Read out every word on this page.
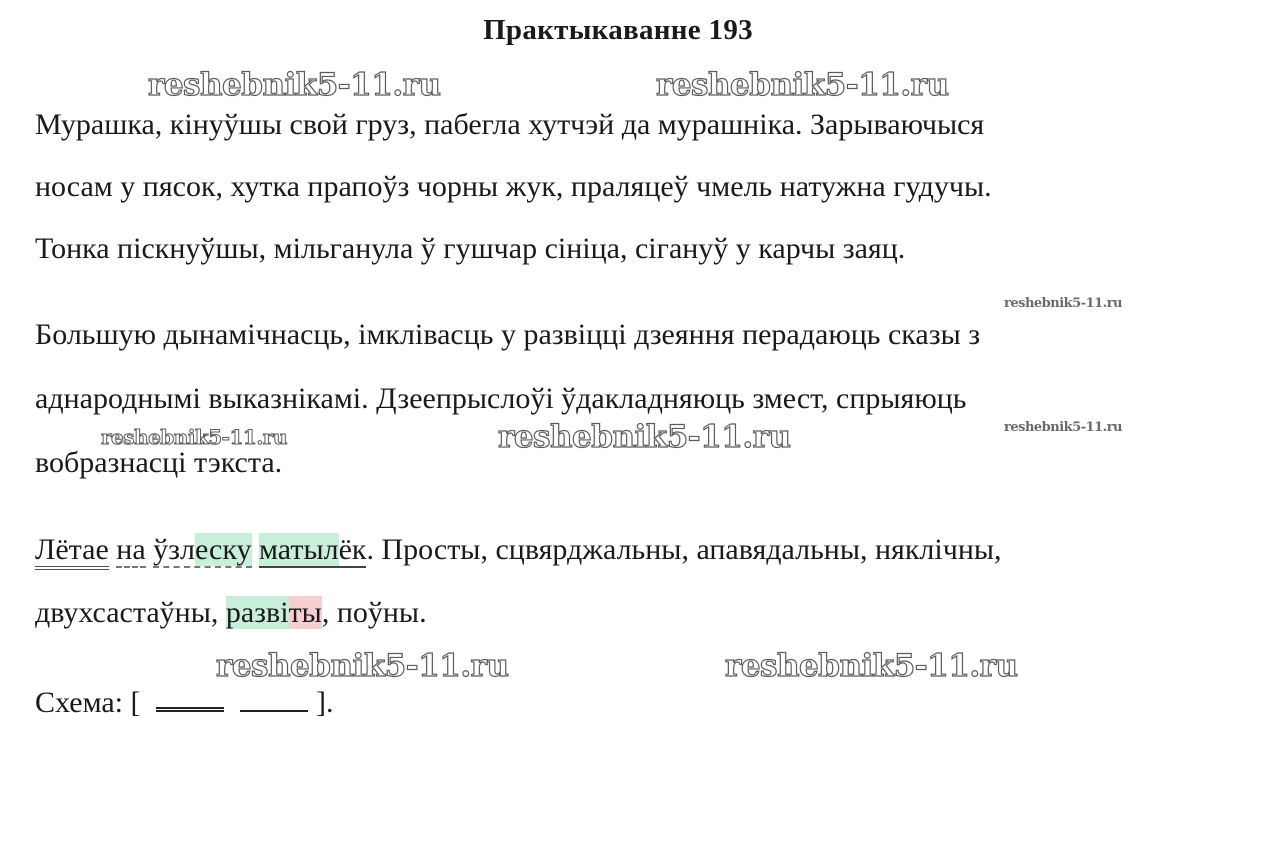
Практыкаванне 193
reshebnik5-11.ru	reshebnik5-11.ru
reshebnik5-11.ru
reshebnik5-11.ru	reshebnik5-11.ru	reshebnik5-11.ru
reshebnik5-11.ru	reshebnik5-11.ru
Мурашка, кінуўшы свой груз, пабегла хутчэй да мурашніка. Зарываючыся
носам у пясок, хутка прапоўз чорны жук, праляцеў чмель натужна гудучы.
Тонка піскнуўшы, мільганула ў гушчар сініца, сігануў у карчы заяц.
Большую дынамічнасць, імклівасць у развіцці дзеяння перадаюць сказы з
аднароднымі выказнікамі. Дзеепрыслоўі ўдакладняюць змест, спрыяюць
вобразнасці тэкста.
Лётае на ўзлеску матылёк. Просты, сцвярджальны, апавядальны, няклічны,
двухсастаўны, развіты, поўны.
Схема: [	].
